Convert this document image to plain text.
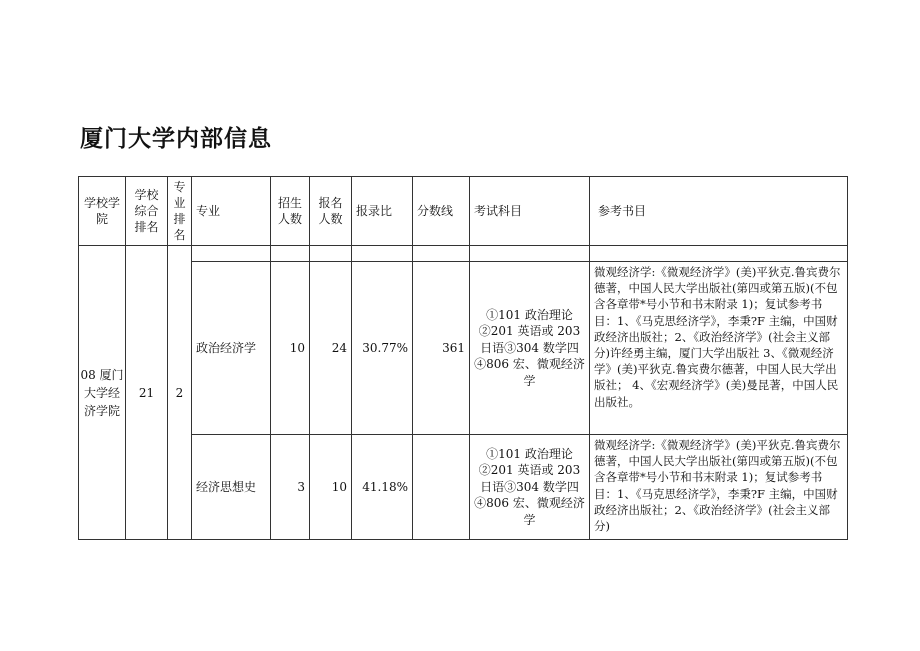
厦门大学内部信息
学校学院	学校综合排名	专业排名	专业	招生人数	报名人数	报录比	分数线	考试科目	参考书目
08 厦门大学经济学院	21	2							
			政治经济学	10	24	30.77%	361	①101 政治理论②201 英语或 203 日语③304 数学四④806 宏、微观经济学	微观经济学:《微观经济学》(美)平狄克.鲁宾费尔德著，中国人民大学出版社(第四或第五版)(不包含各章带*号小节和书末附录 1)；复试参考书目：1、《马克思经济学》，李秉?F 主编，中国财政经济出版社；2、《政治经济学》(社会主义部分)许经勇主编，厦门大学出版社 3、《微观经济学》(美)平狄克.鲁宾费尔德著，中国人民大学出版社； 4、《宏观经济学》(美)曼昆著，中国人民出版社。
			经济思想史	3	10	41.18%		①101 政治理论②201 英语或 203 日语③304 数学四④806 宏、微观经济学	微观经济学:《微观经济学》(美)平狄克.鲁宾费尔德著，中国人民大学出版社(第四或第五版)(不包含各章带*号小节和书末附录 1)；复试参考书目：1、《马克思经济学》，李秉?F 主编，中国财政经济出版社；2、《政治经济学》(社会主义部分)
